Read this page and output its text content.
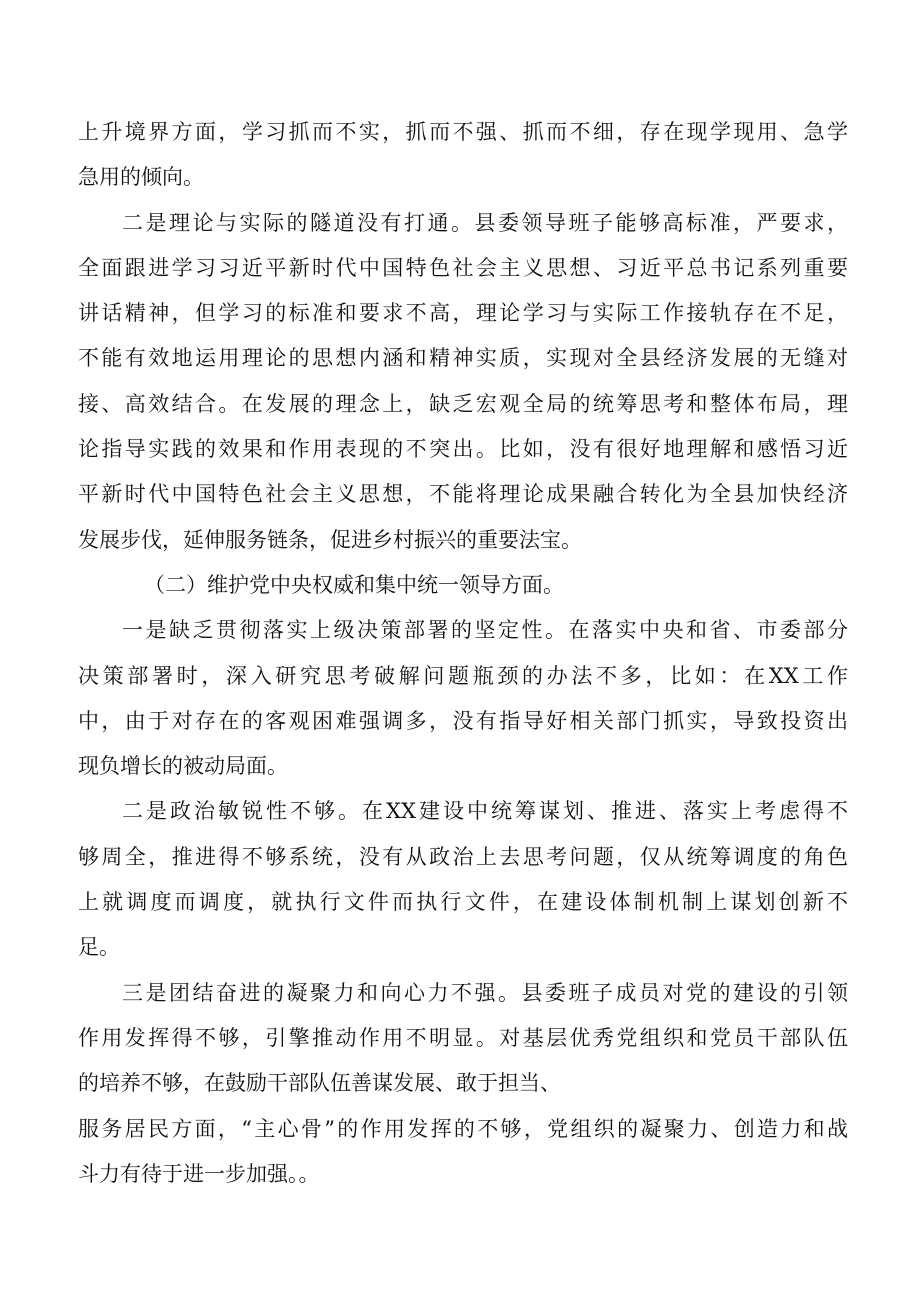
上升境界方面，学习抓而不实，抓而不强、抓而不细，存在现学现用、急学
急用的倾向。
二是理论与实际的隧道没有打通。县委领导班子能够高标准，严要求，
全面跟进学习习近平新时代中国特色社会主义思想、习近平总书记系列重要
讲话精神，但学习的标准和要求不高，理论学习与实际工作接轨存在不足，
不能有效地运用理论的思想内涵和精神实质，实现对全县经济发展的无缝对
接、高效结合。在发展的理念上，缺乏宏观全局的统筹思考和整体布局，理
论指导实践的效果和作用表现的不突出。比如，没有很好地理解和感悟习近
平新时代中国特色社会主义思想，不能将理论成果融合转化为全县加快经济
发展步伐，延伸服务链条，促进乡村振兴的重要法宝。
（二）维护党中央权威和集中统一领导方面。
一是缺乏贯彻落实上级决策部署的坚定性。在落实中央和省、市委部分
决策部署时，深入研究思考破解问题瓶颈的办法不多，比如：在XX工作
中，由于对存在的客观困难强调多，没有指导好相关部门抓实，导致投资出
现负增长的被动局面。
二是政治敏锐性不够。在XX建设中统筹谋划、推进、落实上考虑得不
够周全，推进得不够系统，没有从政治上去思考问题，仅从统筹调度的角色
上就调度而调度，就执行文件而执行文件，在建设体制机制上谋划创新不
足。
三是团结奋进的凝聚力和向心力不强。县委班子成员对党的建设的引领
作用发挥得不够，引擎推动作用不明显。对基层优秀党组织和党员干部队伍
的培养不够，在鼓励干部队伍善谋发展、敢于担当、
服务居民方面，“主心骨”的作用发挥的不够，党组织的凝聚力、创造力和战
斗力有待于进一步加强。。
